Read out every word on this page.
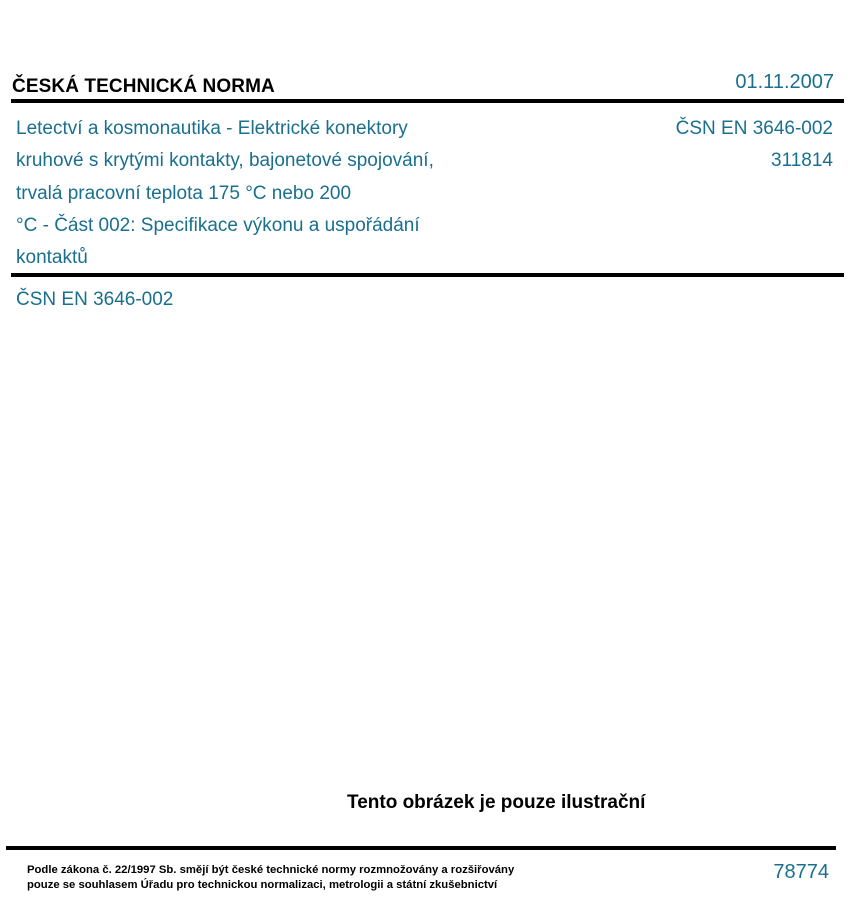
ČESKÁ TECHNICKÁ NORMA	01.11.2007
Letectví a kosmonautika - Elektrické konektory
kruhové s krytými kontakty, bajonetové spojování,
trvalá pracovní teplota 175 °C nebo 200
°C - Část 002: Specifikace výkonu a uspořádání
kontaktů
ČSN EN 3646-002
311814
ČSN EN 3646-002
Tento obrázek je pouze ilustrační
Podle zákona č. 22/1997 Sb. smějí být české technické normy rozmnožovány a rozšiřovány
pouze se souhlasem Úřadu pro technickou normalizaci, metrologii a státní zkušebnictví
78774
